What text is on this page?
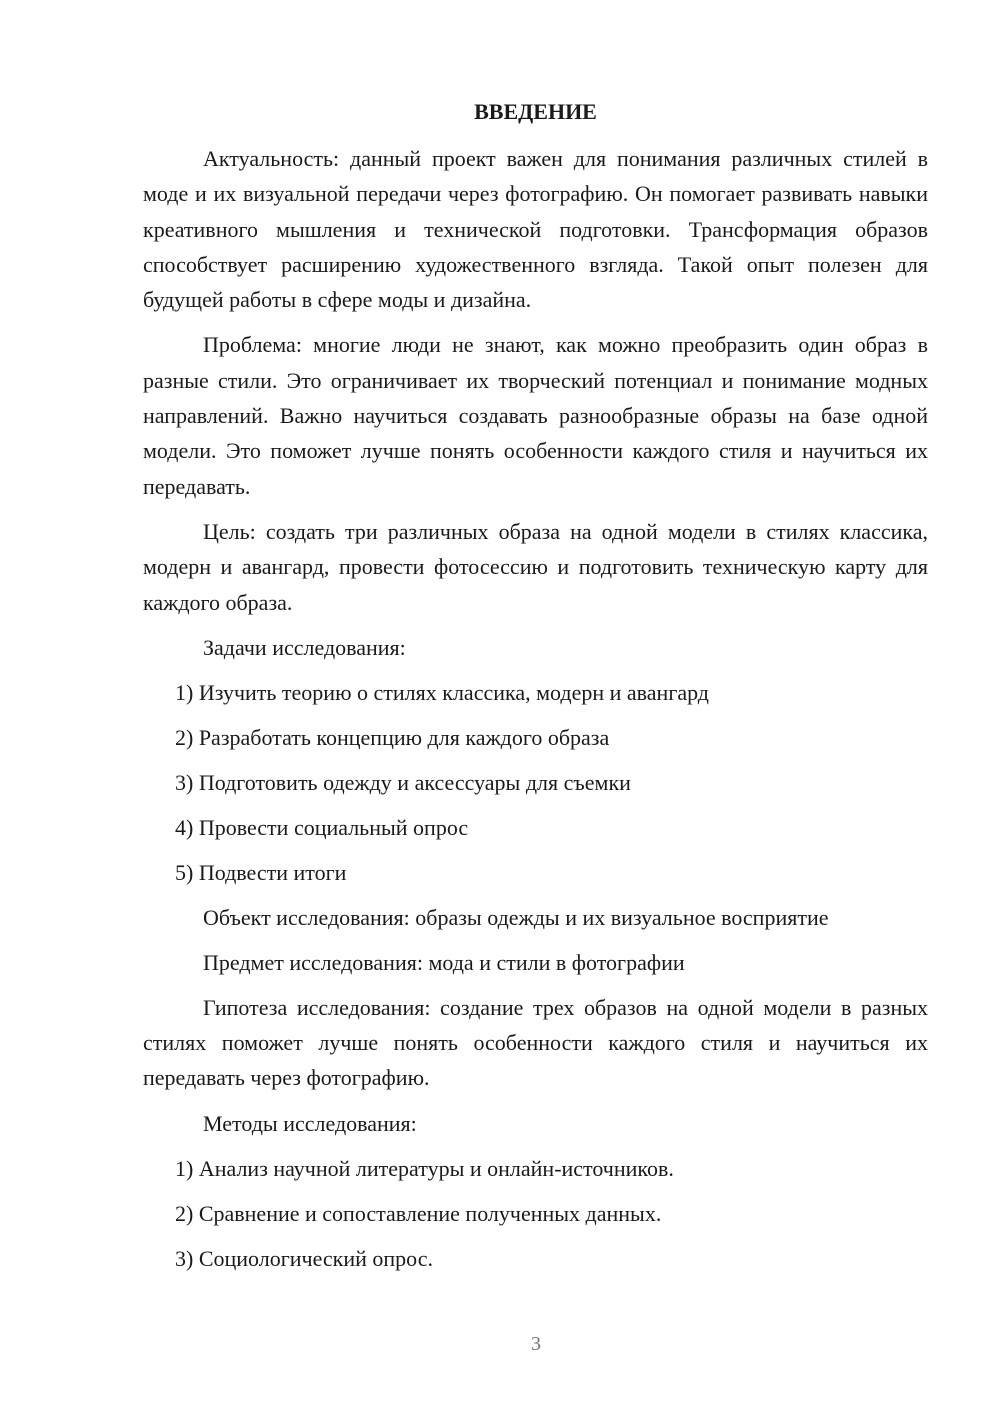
ВВЕДЕНИЕ

Актуальность: данный проект важен для понимания различных стилей в моде и их визуальной передачи через фотографию. Он помогает развивать навыки креативного мышления и технической подготовки. Трансформация образов способствует расширению художественного взгляда. Такой опыт полезен для будущей работы в сфере моды и дизайна.

Проблема: многие люди не знают, как можно преобразить один образ в разные стили. Это ограничивает их творческий потенциал и понимание модных направлений. Важно научиться создавать разнообразные образы на базе одной модели. Это поможет лучше понять особенности каждого стиля и научиться их передавать.

Цель: создать три различных образа на одной модели в стилях классика, модерн и авангард, провести фотосессию и подготовить техническую карту для каждого образа.

Задачи исследования:
1) Изучить теорию о стилях классика, модерн и авангард
2) Разработать концепцию для каждого образа
3) Подготовить одежду и аксессуары для съемки
4) Провести социальный опрос
5) Подвести итоги
Объект исследования: образы одежды и их визуальное восприятие
Предмет исследования: мода и стили в фотографии

Гипотеза исследования: создание трех образов на одной модели в разных стилях поможет лучше понять особенности каждого стиля и научиться их передавать через фотографию.

Методы исследования:
1) Анализ научной литературы и онлайн-источников.
2) Сравнение и сопоставление полученных данных.
3) Социологический опрос.
3
